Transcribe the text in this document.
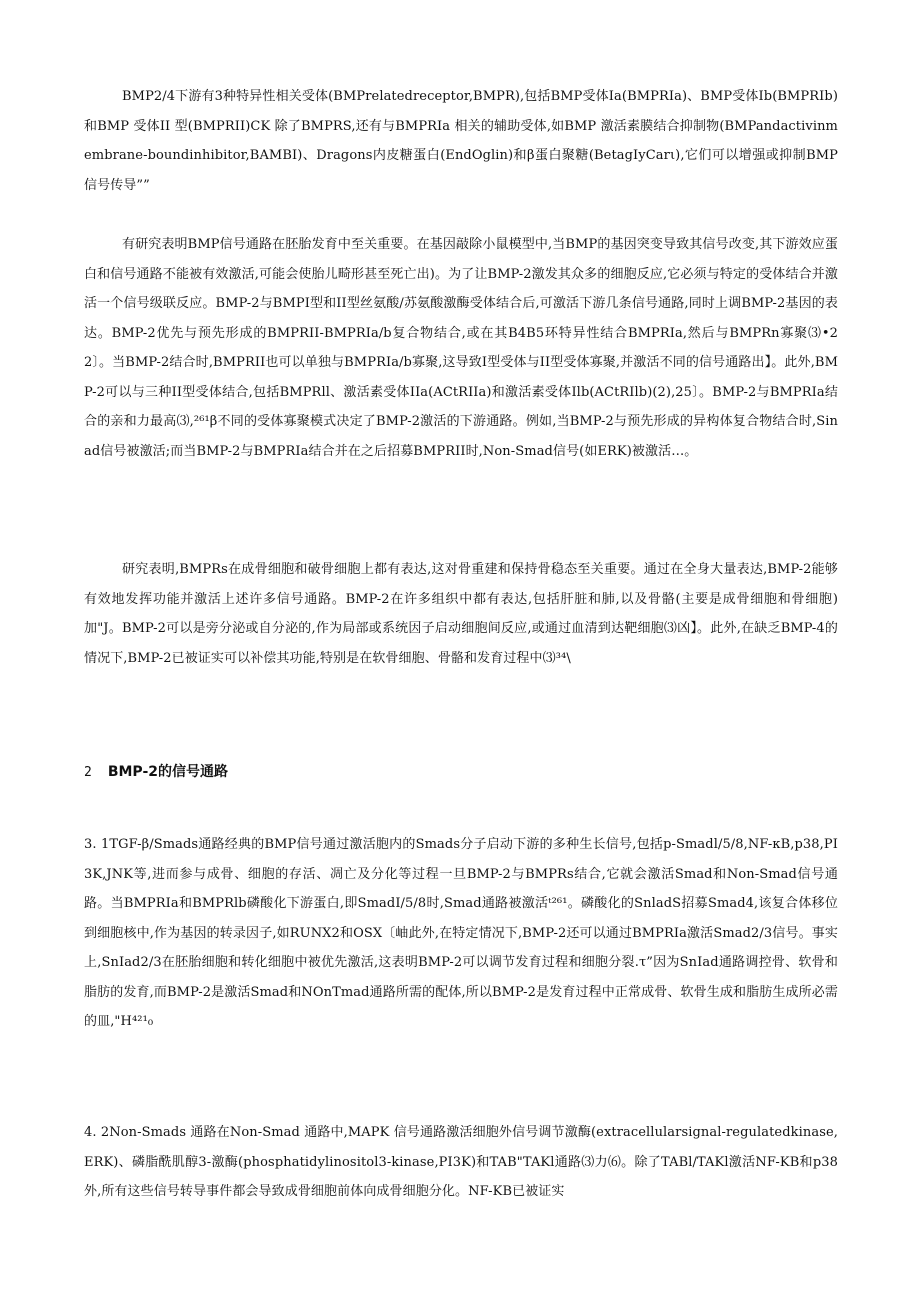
BMP2/4下游有3种特异性相关受体(BMPrelatedreceptor,BMPR),包括BMP受体Ia(BMPRIa)、BMP受体Ib(BMPRIb)和BMP 受体II 型(BMPRII)CK 除了BMPRS,还有与BMPRIa 相关的辅助受体,如BMP 激活素膜结合抑制物(BMPandactivinmembrane-boundinhibitor,BAMBI)、Dragons内皮糖蛋白(EndOglin)和β蛋白聚糖(BetagIyCarι),它们可以增强或抑制BMP信号传导””

有研究表明BMP信号通路在胚胎发育中至关重要。在基因敲除小鼠模型中,当BMP的基因突变导致其信号改变,其下游效应蛋白和信号通路不能被有效激活,可能会使胎儿畸形甚至死亡出)。为了让BMP-2激发其众多的细胞反应,它必须与特定的受体结合并激活一个信号级联反应。BMP-2与BMPI型和II型丝氨酸/苏氨酸激酶受体结合后,可激活下游几条信号通路,同时上调BMP-2基因的表达。BMP-2优先与预先形成的BMPRII-BMPRIa/b复合物结合,或在其B4B5环特异性结合BMPRIa,然后与BMPRn寡聚⑶•22〕。当BMP-2结合时,BMPRII也可以单独与BMPRIa/b寡聚,这导致I型受体与II型受体寡聚,并激活不同的信号通路出】。此外,BMP-2可以与三种II型受体结合,包括BMPRll、激活素受体IIa(ACtRIIa)和激活素受体Ilb(ACtRIlb)(2),25〕。BMP-2与BMPRIa结合的亲和力最高⑶,²⁶¹β不同的受体寡聚模式决定了BMP-2激活的下游通路。例如,当BMP-2与预先形成的异构体复合物结合时,Sinad信号被激活;而当BMP-2与BMPRIa结合并在之后招募BMPRII时,Non-Smad信号(如ERK)被激活…。

研究表明,BMPRs在成骨细胞和破骨细胞上都有表达,这对骨重建和保持骨稳态至关重要。通过在全身大量表达,BMP-2能够有效地发挥功能并激活上述许多信号通路。BMP-2在许多组织中都有表达,包括肝脏和肺,以及骨骼(主要是成骨细胞和骨细胞)加"J。BMP-2可以是旁分泌或自分泌的,作为局部或系统因子启动细胞间反应,或通过血清到达靶细胞⑶凶】。此外,在缺乏BMP-4的情况下,BMP-2已被证实可以补偿其功能,特别是在软骨细胞、骨骼和发育过程中⑶³⁴\

2 BMP-2的信号通路

3. 1TGF-β/Smads通路经典的BMP信号通过激活胞内的Smads分子启动下游的多种生长信号,包括p-Smadl/5/8,NF-κB,p38,PI3K,JNK等,进而参与成骨、细胞的存活、凋亡及分化等过程一旦BMP-2与BMPRs结合,它就会激活Smad和Non-Smad信号通路。当BMPRIa和BMPRlb磷酸化下游蛋白,即SmadI/5/8时,Smad通路被激活ᵗ²⁶¹。磷酸化的SnladS招募Smad4,该复合体移位到细胞核中,作为基因的转录因子,如RUNX2和OSX〔岫此外,在特定情况下,BMP-2还可以通过BMPRIa激活Smad2/3信号。事实上,SnIad2/3在胚胎细胞和转化细胞中被优先激活,这表明BMP-2可以调节发育过程和细胞分裂.τ”因为SnIad通路调控骨、软骨和脂肪的发育,而BMP-2是激活Smad和NOnTmad通路所需的配体,所以BMP-2是发育过程中正常成骨、软骨生成和脂肪生成所必需的皿,"H⁴²¹₀

4. 2Non-Smads 通路在Non-Smad 通路中,MAPK 信号通路激活细胞外信号调节激酶(extracellularsignal-regulatedkinase,ERK)、磷脂酰肌醇3-激酶(phosphatidylinositol3-kinase,PI3K)和TAB"TAKl通路⑶力⑹。除了TABl/TAKl激活NF-KB和p38外,所有这些信号转导事件都会导致成骨细胞前体向成骨细胞分化。NF-KB已被证实
